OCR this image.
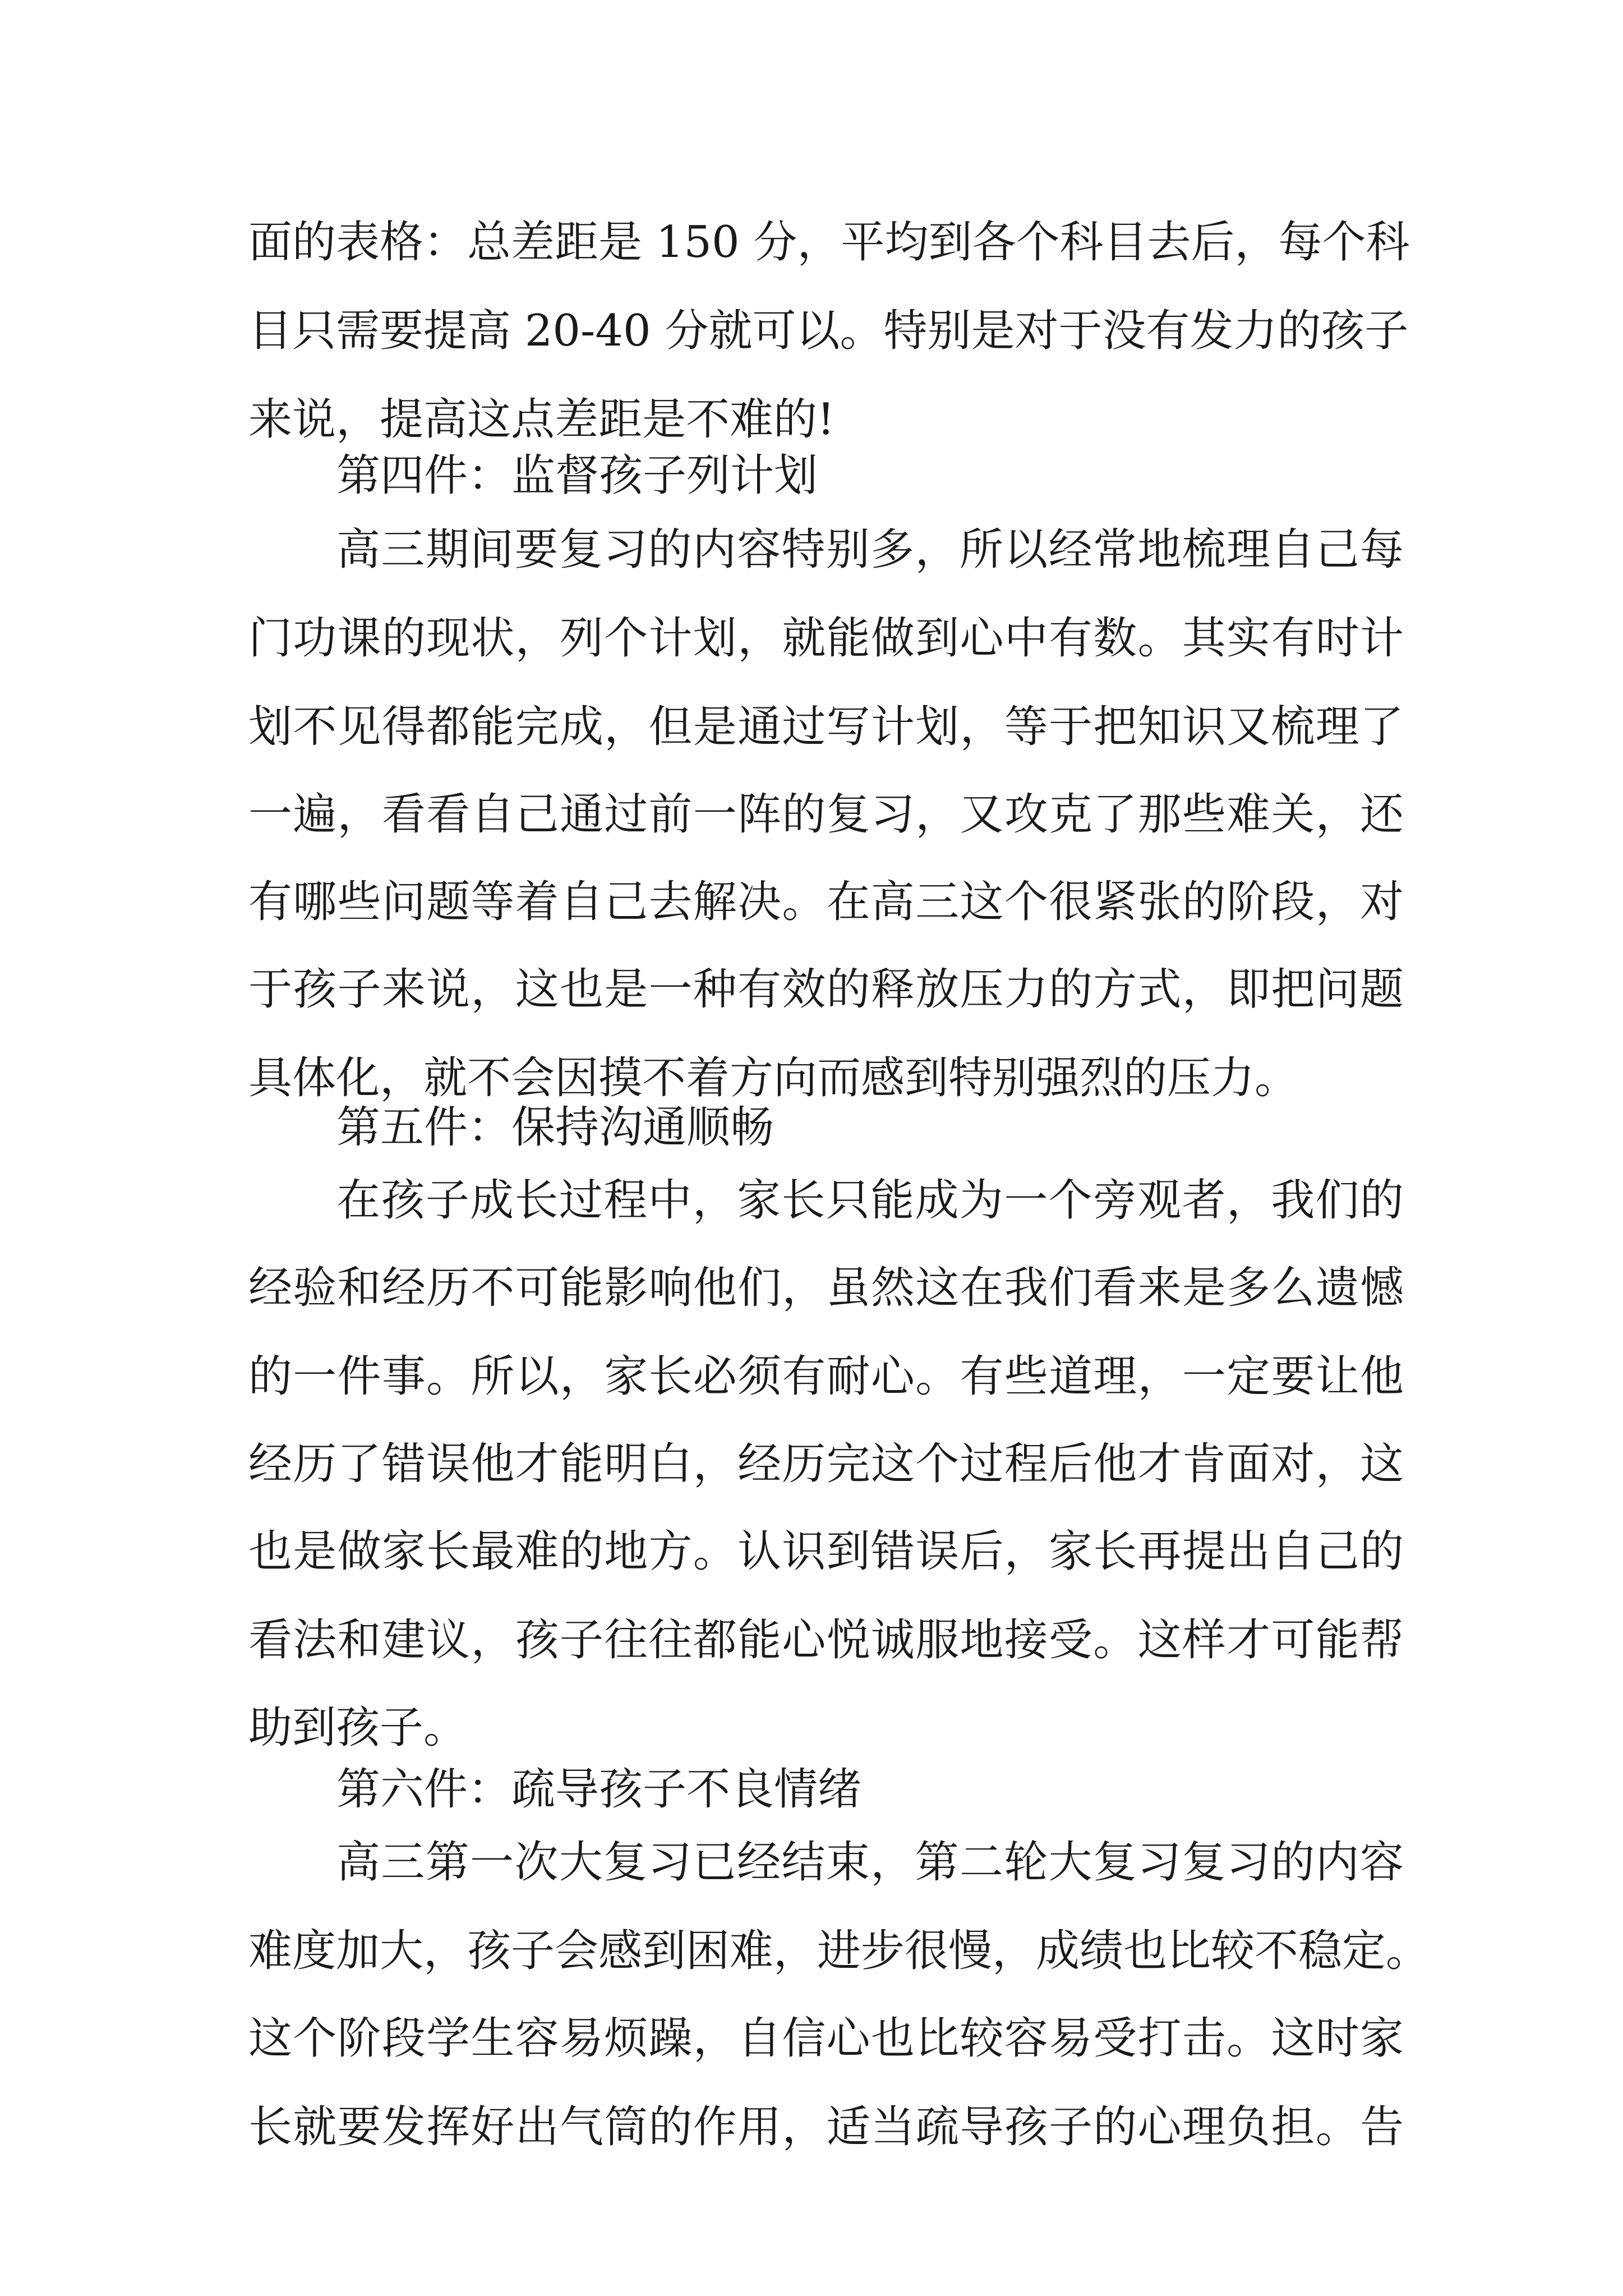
面的表格：总差距是 150 分，平均到各个科目去后，每个科
目只需要提高 20-40 分就可以。特别是对于没有发力的孩子
来说，提高这点差距是不难的!
第四件：监督孩子列计划
高三期间要复习的内容特别多，所以经常地梳理自己每
门功课的现状，列个计划，就能做到心中有数。其实有时计
划不见得都能完成，但是通过写计划，等于把知识又梳理了
一遍，看看自己通过前一阵的复习，又攻克了那些难关，还
有哪些问题等着自己去解决。在高三这个很紧张的阶段，对
于孩子来说，这也是一种有效的释放压力的方式，即把问题
具体化，就不会因摸不着方向而感到特别强烈的压力。
第五件：保持沟通顺畅
在孩子成长过程中，家长只能成为一个旁观者，我们的
经验和经历不可能影响他们，虽然这在我们看来是多么遗憾
的一件事。所以，家长必须有耐心。有些道理，一定要让他
经历了错误他才能明白，经历完这个过程后他才肯面对，这
也是做家长最难的地方。认识到错误后，家长再提出自己的
看法和建议，孩子往往都能心悦诚服地接受。这样才可能帮
助到孩子。
第六件：疏导孩子不良情绪
高三第一次大复习已经结束，第二轮大复习复习的内容
难度加大，孩子会感到困难，进步很慢，成绩也比较不稳定。
这个阶段学生容易烦躁，自信心也比较容易受打击。这时家
长就要发挥好出气筒的作用，适当疏导孩子的心理负担。告
